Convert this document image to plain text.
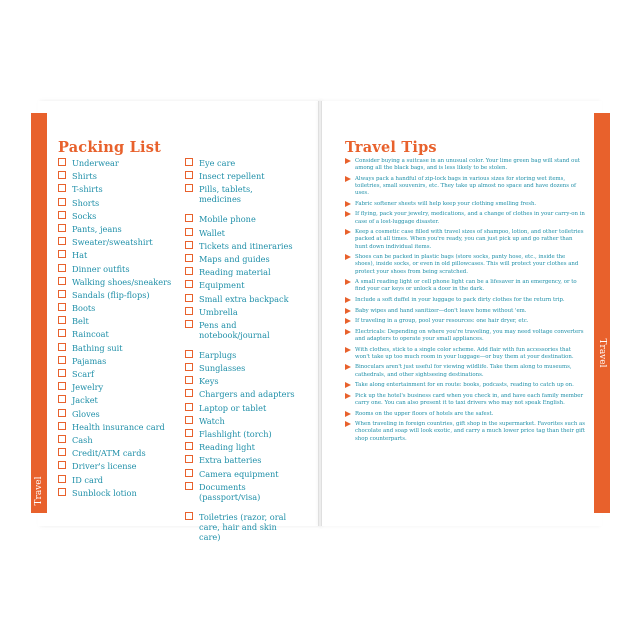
Travel
Travel
Packing List
Underwear
Shirts
T-shirts
Shorts
Socks
Pants, jeans
Sweater/sweatshirt
Hat
Dinner outfits
Walking shoes/sneakers
Sandals (flip-flops)
Boots
Belt
Raincoat
Bathing suit
Pajamas
Scarf
Jewelry
Jacket
Gloves
Health insurance card
Cash
Credit/ATM cards
Driver's license
ID card
Sunblock lotion
Eye care
Insect repellent
Pills, tablets, medicines
Mobile phone
Wallet
Tickets and itineraries
Maps and guides
Reading material
Equipment
Small extra backpack
Umbrella
Pens and notebook/journal
Earplugs
Sunglasses
Keys
Chargers and adapters
Laptop or tablet
Watch
Flashlight (torch)
Reading light
Extra batteries
Camera equipment
Documents (passport/visa)
Toiletries (razor, oral care, hair and skin care)
Travel Tips
Consider buying a suitcase in an unusual color. Your lime green bag will stand out among all the black bags, and is less likely to be stolen.
Always pack a handful of zip-lock bags in various sizes for storing wet items, toiletries, small souvenirs, etc. They take up almost no space and have dozens of uses.
Fabric softener sheets will help keep your clothing smelling fresh.
If flying, pack your jewelry, medications, and a change of clothes in your carry-on in case of a lost-luggage disaster.
Keep a cosmetic case filled with travel sizes of shampoo, lotion, and other toiletries packed at all times. When you're ready, you can just pick up and go rather than hunt down individual items.
Shoes can be packed in plastic bags (store socks, panty hose, etc., inside the shoes), inside socks, or even in old pillowcases. This will protect your clothes and protect your shoes from being scratched.
A small reading light or cell phone light can be a lifesaver in an emergency, or to find your car keys or unlock a door in the dark.
Include a soft duffel in your luggage to pack dirty clothes for the return trip.
Baby wipes and hand sanitizer—don't leave home without 'em.
If traveling in a group, pool your resources: one hair dryer, etc.
Electricals: Depending on where you're traveling, you may need voltage converters and adapters to operate your small appliances.
With clothes, stick to a single color scheme. Add flair with fun accessories that won't take up too much room in your luggage—or buy them at your destination.
Binoculars aren't just useful for viewing wildlife. Take them along to museums, cathedrals, and other sightseeing destinations.
Take along entertainment for en route: books, podcasts, reading to catch up on.
Pick up the hotel's business card when you check in, and have each family member carry one. You can also present it to taxi drivers who may not speak English.
Rooms on the upper floors of hotels are the safest.
When traveling in foreign countries, gift shop in the supermarket. Favorites such as chocolate and soap will look exotic, and carry a much lower price tag than their gift shop counterparts.
